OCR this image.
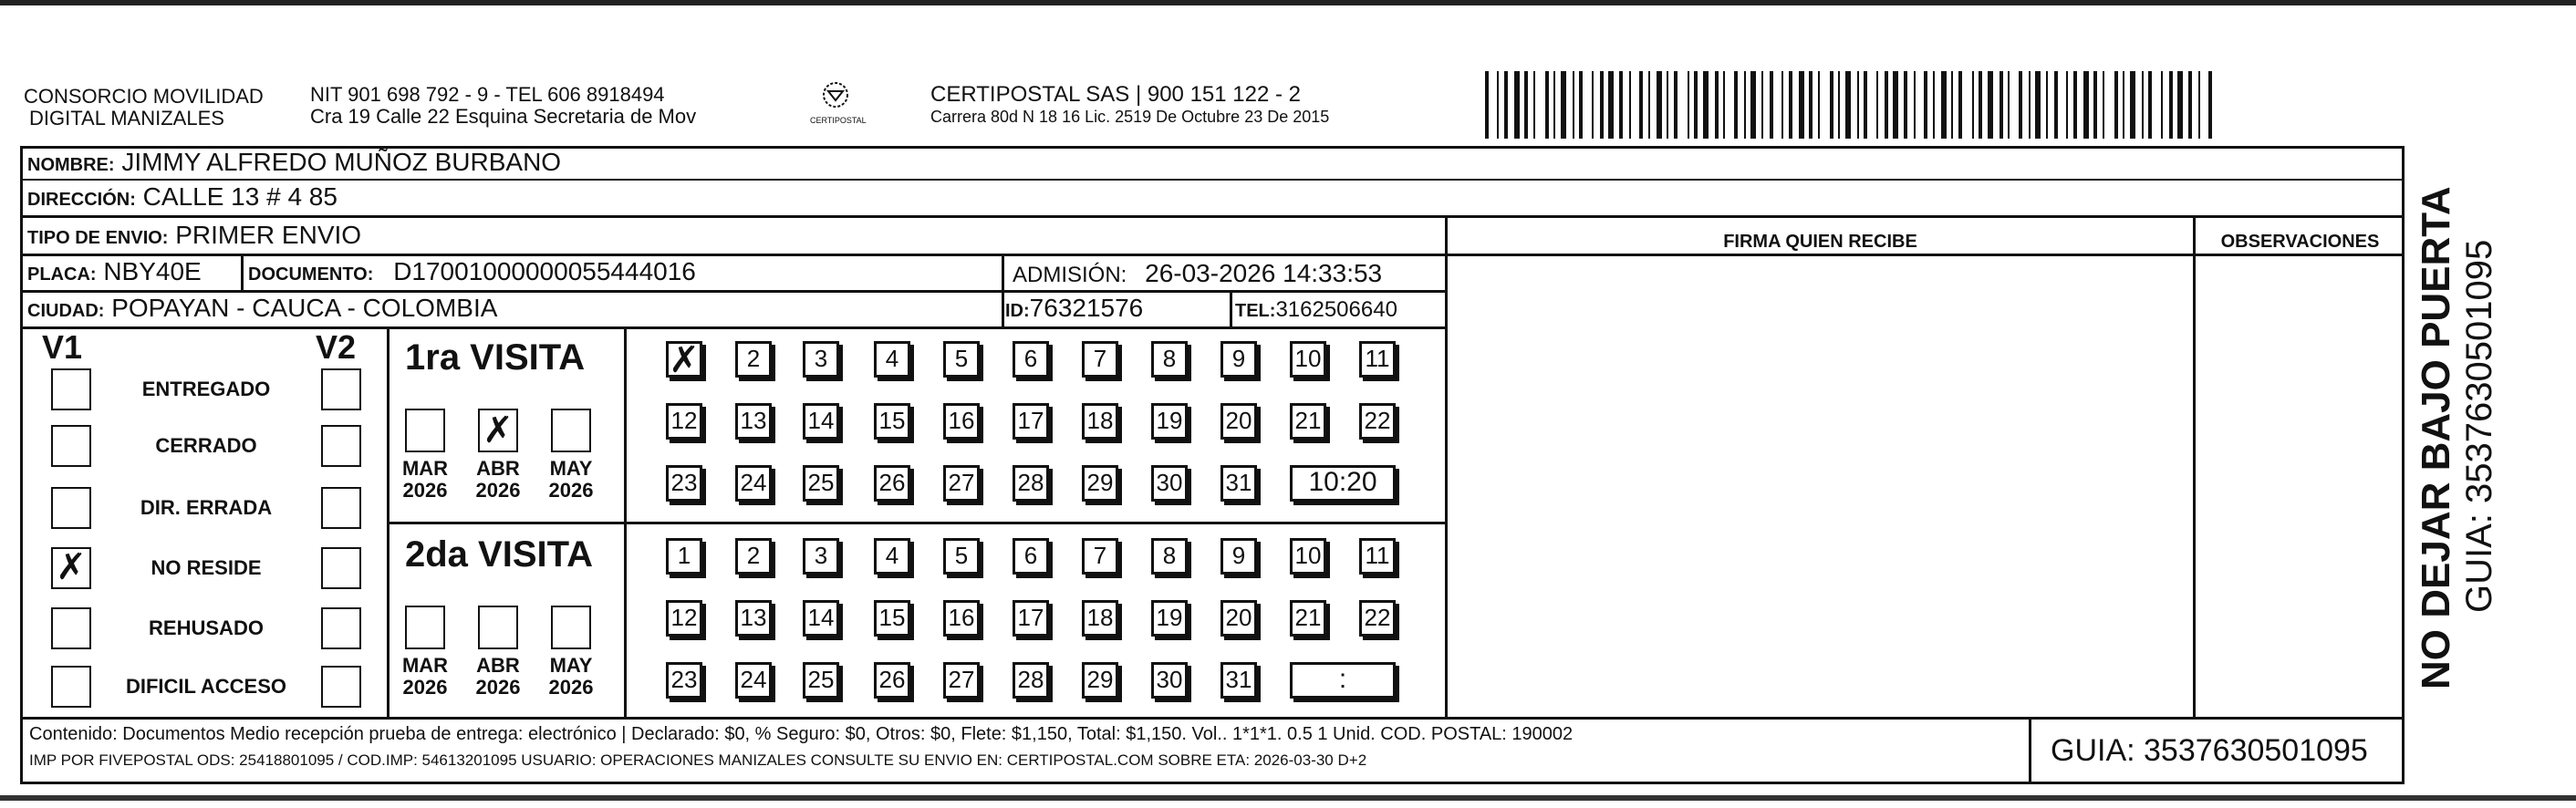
CONSORCIO MOVILIDAD
DIGITAL MANIZALES
NIT 901 698 792 - 9 - TEL 606 8918494
Cra 19 Calle 22 Esquina Secretaria de Mov	CERTIPOSTAL
CERTIPOSTAL SAS | 900 151 122 - 2
Carrera 80d N 18 16 Lic. 2519 De Octubre 23 De 2015
NOMBRE: JIMMY ALFREDO MUÑOZ BURBANO
DIRECCIÓN: CALLE 13 # 4 85
TIPO DE ENVIO: PRIMER ENVIO	FIRMA QUIEN RECIBE	OBSERVACIONES
PLACA: NBY40E	DOCUMENTO: D17001000000055444016	ADMISIÓN: 26-03-2026 14:33:53
CIUDAD: POPAYAN - CAUCA - COLOMBIA	ID:76321576	TEL:3162506640
V1	V2
ENTREGADO
CERRADO
DIR. ERRADA
✗	NO RESIDE
REHUSADO
DIFICIL ACCESO
1ra VISITA
MAR
2026
✗
ABR
2026
MAY
2026
✗	2	3	4	5	6	7	8	9	10 11
12 13 14 15 16 17 18 19 20 21 22
23 24 25 26 27 28 29 30 31	10:20
2da VISITA
MAR
2026
ABR
2026
MAY
2026
1	2	3	4	5	6	7	8	9	10 11
12 13 14 15 16 17 18 19 20 21 22
23 24 25 26 27 28 29 30 31	:
Contenido: Documentos Medio recepción prueba de entrega: electrónico | Declarado: $0, % Seguro: $0, Otros: $0, Flete: $1,150, Total: $1,150. Vol.. 1*1*1. 0.5 1 Unid. COD. POSTAL: 190002
IMP POR FIVEPOSTAL ODS: 25418801095 / COD.IMP: 54613201095 USUARIO: OPERACIONES MANIZALES CONSULTE SU ENVIO EN: CERTIPOSTAL.COM SOBRE ETA: 2026-03-30 D+2	GUIA: 3537630501095
NO DEJAR BAJO PUERTA GUIA: 3537630501095
